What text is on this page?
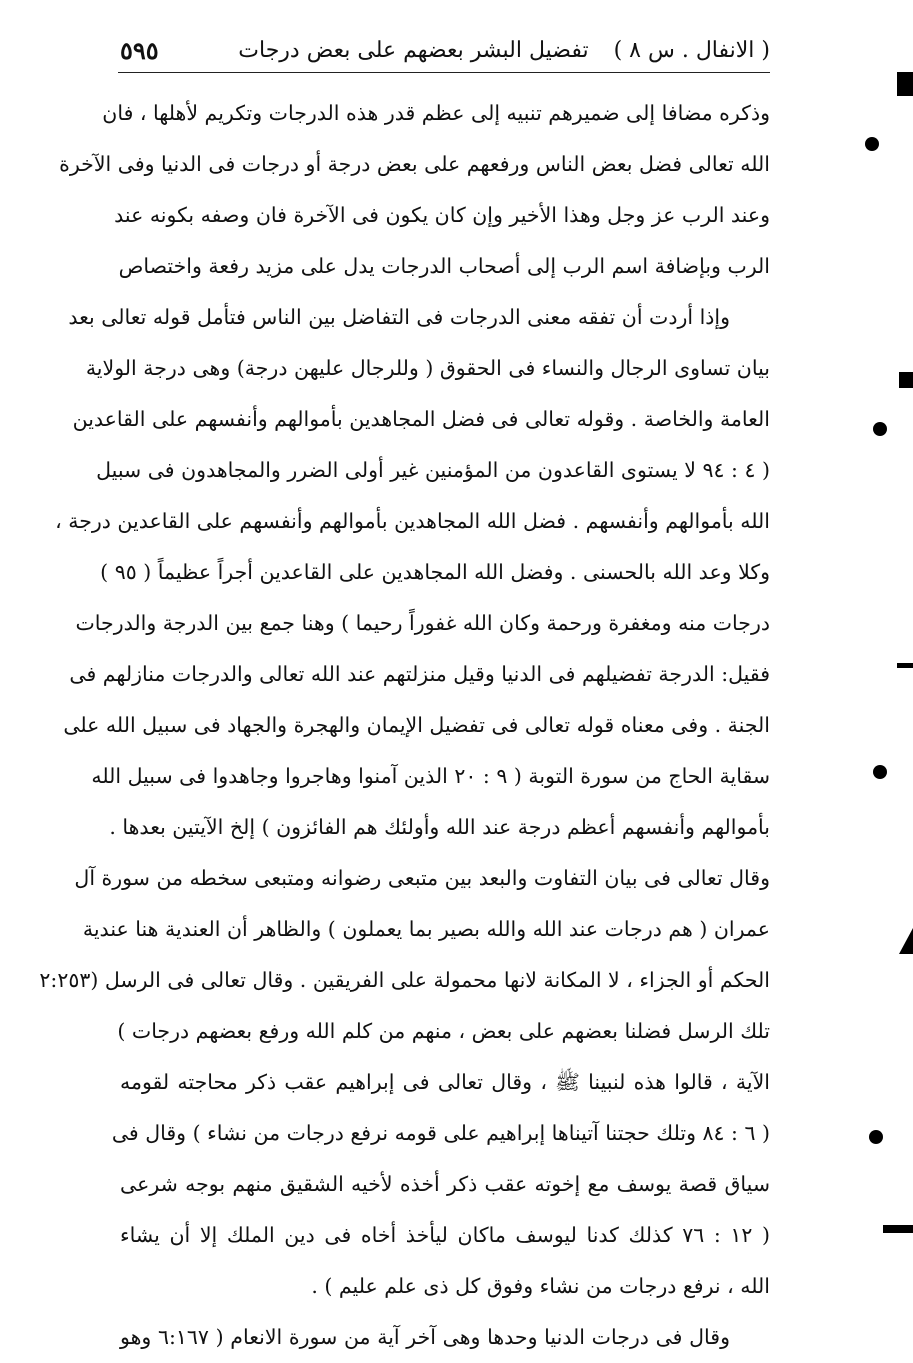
( الانفال . س ٨ ) تفضيل البشر بعضهم على بعض درجات
٥٩٥
وذكره مضافا إلى ضميرهم تنبيه إلى عظم قدر هذه الدرجات وتكريم لأهلها ، فان
الله تعالى فضل بعض الناس ورفعهم على بعض درجة أو درجات فى الدنيا وفى الآخرة
وعند الرب عز وجل وهذا الأخير وإن كان يكون فى الآخرة فان وصفه بكونه عند
الرب وبإضافة اسم الرب إلى أصحاب الدرجات يدل على مزيد رفعة واختصاص
وإذا أردت أن تفقه معنى الدرجات فى التفاضل بين الناس فتأمل قوله تعالى بعد
بيان تساوى الرجال والنساء فى الحقوق ( وللرجال عليهن درجة) وهى درجة الولاية
العامة والخاصة . وقوله تعالى فى فضل المجاهدين بأموالهم وأنفسهم على القاعدين
( ٤ : ٩٤ لا يستوى القاعدون من المؤمنين غير أولى الضرر والمجاهدون فى سبيل
الله بأموالهم وأنفسهم . فضل الله المجاهدين بأموالهم وأنفسهم على القاعدين درجة ،
وكلا وعد الله بالحسنى . وفضل الله المجاهدين على القاعدين أجراً عظيماً ( ٩٥ )
درجات منه ومغفرة ورحمة وكان الله غفوراً رحيما ) وهنا جمع بين الدرجة والدرجات
فقيل: الدرجة تفضيلهم فى الدنيا وقيل منزلتهم عند الله تعالى والدرجات منازلهم فى
الجنة . وفى معناه قوله تعالى فى تفضيل الإيمان والهجرة والجهاد فى سبيل الله على
سقاية الحاج من سورة التوبة ( ٩ : ٢٠ الذين آمنوا وهاجروا وجاهدوا فى سبيل الله
بأموالهم وأنفسهم أعظم درجة عند الله وأولئك هم الفائزون ) إلخ الآيتين بعدها .
وقال تعالى فى بيان التفاوت والبعد بين متبعى رضوانه ومتبعى سخطه من سورة آل
عمران ( هم درجات عند الله والله بصير بما يعملون ) والظاهر أن العندية هنا عندية
الحكم أو الجزاء ، لا المكانة لانها محمولة على الفريقين . وقال تعالى فى الرسل (٢:٢٥٣
تلك الرسل فضلنا بعضهم على بعض ، منهم من كلم الله ورفع بعضهم درجات )
الآية ، قالوا هذه لنبينا ﷺ ، وقال تعالى فى إبراهيم عقب ذكر محاجته لقومه
( ٦ : ٨٤ وتلك حجتنا آتيناها إبراهيم على قومه نرفع درجات من نشاء ) وقال فى
سياق قصة يوسف مع إخوته عقب ذكر أخذه لأخيه الشقيق منهم بوجه شرعى
( ١٢ : ٧٦ كذلك كدنا ليوسف ماكان ليأخذ أخاه فى دين الملك إلا أن يشاء
الله ، نرفع درجات من نشاء وفوق كل ذى علم عليم ) .
وقال فى درجات الدنيا وحدها وهى آخر آية من سورة الانعام ( ٦:١٦٧ وهو
